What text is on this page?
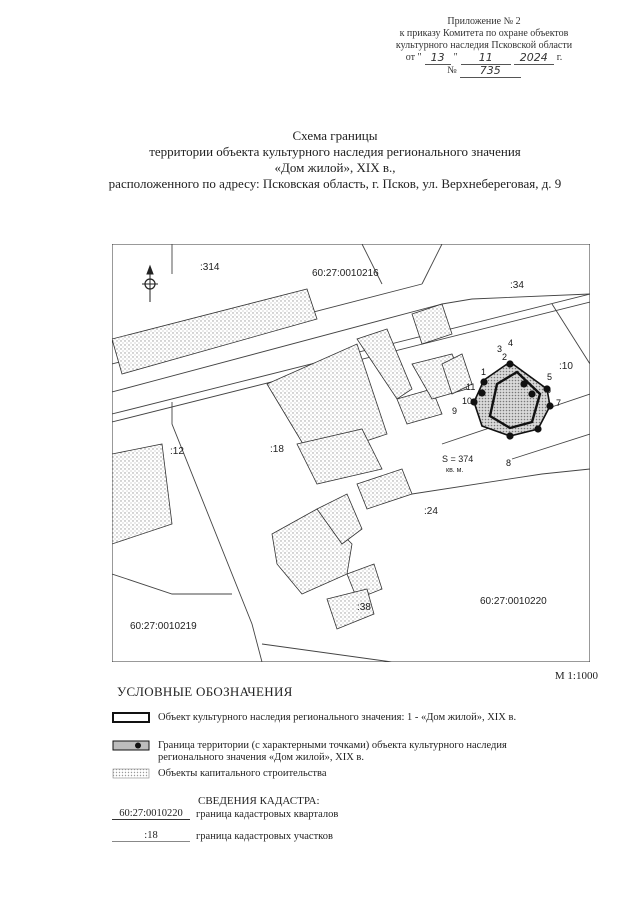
Приложение № 2
к приказу Комитета по охране объектов
культурного наследия Псковской области
от " 13 "	11	2024 г.
№	735
Схема границы
территории объекта культурного наследия регионального значения
«Дом жилой», XIX в.,
расположенного по адресу: Псковская область, г. Псков, ул. Верхнебереговая, д. 9
1
2
3
4
5
6
7
8
9
10
11
:314
60:27:0010216
:34
:10
:12	:18
:24
:38
60:27:0010220
60:27:0010219
S = 374
кв. м.
М 1:1000
УСЛОВНЫЕ ОБОЗНАЧЕНИЯ
Объект культурного наследия регионального значения: 1 - «Дом жилой», XIX в.
Граница территории (с характерными точками) объекта культурного наследия
регионального значения «Дом жилой», XIX в.
Объекты капитального строительства
СВЕДЕНИЯ КАДАСТРА:
60:27:0010220	граница кадастровых кварталов
:18	граница кадастровых участков
